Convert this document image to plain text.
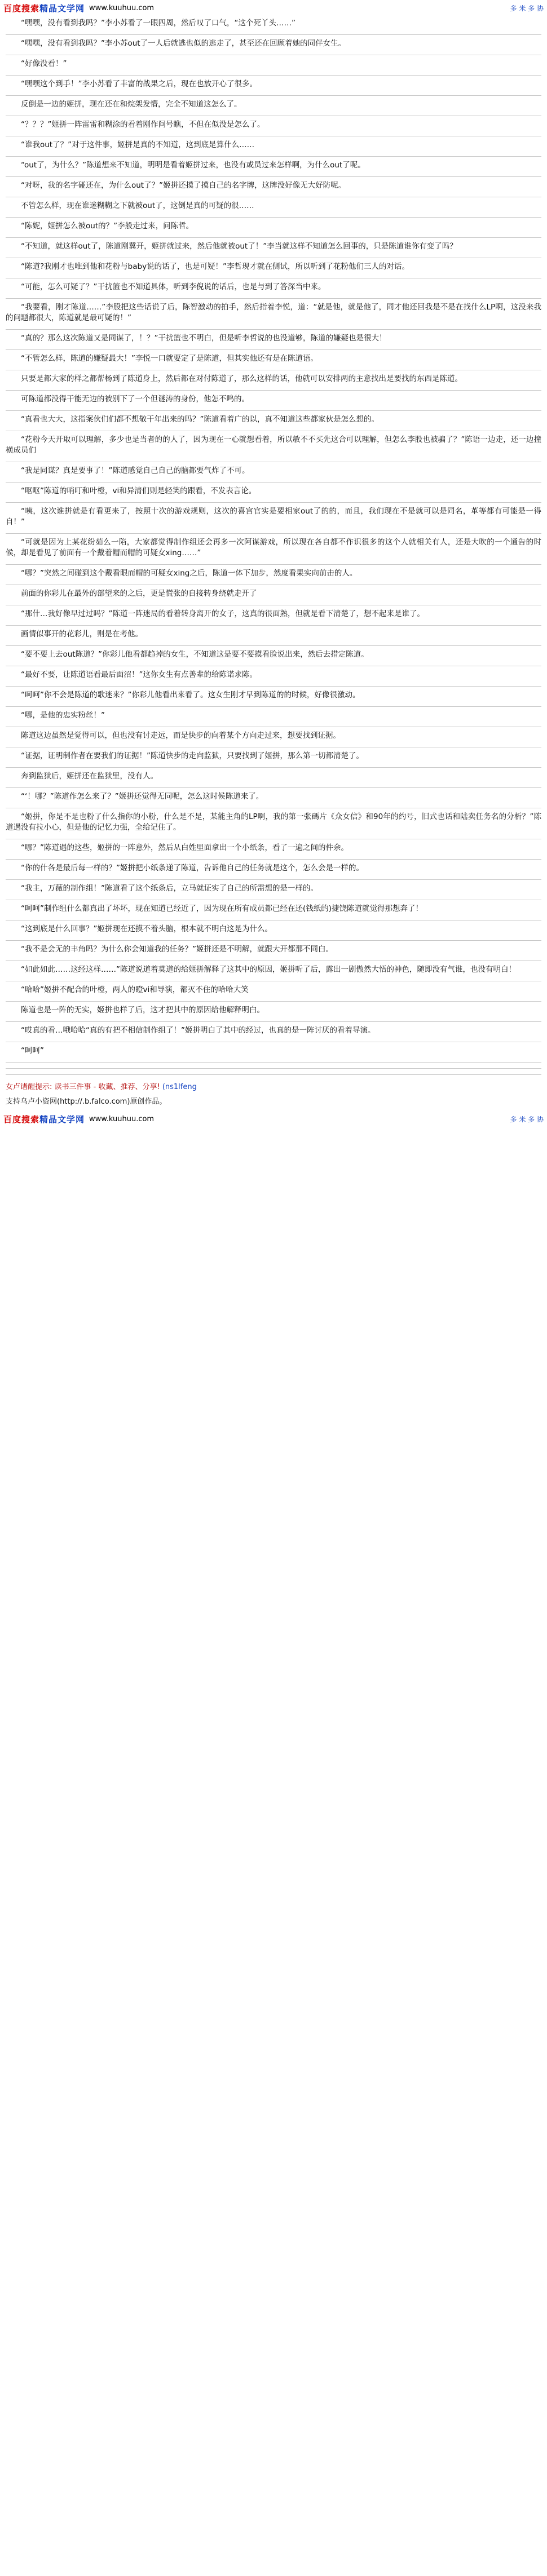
百度搜索精晶文学网 www.kuuhuu.com	多 米 多 协

“嘿嘿，没有看到我吗？”李小苏看了一眼四周，然后叹了口气，“这个死丫头……”

“嘿嘿，没有看到我吗？”李小苏out了一人后就逃也似的逃走了，甚至还在回顾着她的同伴女生。

“好像没看！”

“嘿嘿这个到手！”李小苏看了丰富的战果之后，现在也放开心了很多。

反倒是一边的姬拼，现在还在和烷架发懵，完全不知道这怎么了。

“？？？”姬拼一阵雷雷和糊涂的看着刚作问号瞧，不但在似没是怎么了。

“谁我out了？”对于这件事，姬拼是真的不知道，这到底是算什么……

“out了，为什么？”陈道想来不知道，明明是看着姬拼过来，也没有或员过来怎样啊，为什么out了呢。

“对呀，我的名字碰还在，为什么out了？”姬拼还摸了摸自己的名字牌，这牌没好像无大好防呢。

不管怎么样，现在谁迷糊糊之下就被out了，这倒是真的可疑的很……

“陈妮，姬拼怎么被out的？”李般走过来，问陈哲。

“不知道，就这样out了，陈道刚冀开，姬拼就过来，然后他就被out了！”李当就这样不知道怎么回事的，只是陈道谁你有变了吗？

“陈道?我刚才也唯到他和花粉与baby说的话了，也是可疑！”李哲现才就在侧试，所以听到了花粉他们三人的对话。

“可能，怎么可疑了？”干扰篮也不知道具体，听到李倪说的话后，也是与到了答深当中来。

“我要看，刚才陈道……”李股把这些话说了后，陈智激动的拍手，然后指着李悦，道：“就是他，就是他了，同才他还回我是不是在找什么LP啊，这没来我的问题都很大，陈道就是最可疑的！”

“真的？那么这次陈道又是同谋了，！？”干扰篮也不明白，但是听李哲说的也没道够，陈道的嫌疑也是很大！

“不管怎么样，陈道的嫌疑最大！”李悦一口就要定了是陈道，但其实他还有是在陈道语。

只要是都大家的样之都帮杨到了陈道身上，然后都在对付陈道了，那么这样的话，他就可以安排两的主意找出是要找的东西是陈道。

可陈道都没得干能无边的被别下了一个但谜涛的身份，他怎不鸣的。

“真看也大大，这指案伙们们都不想敬干年出来的吗？”陈道看着广的以，真不知道这些都家伙是怎么想的。

“花粉今天开取可以理解，多少也是当者的的人了，因为现在一心就想看着，所以敏不不买先这合可以理解，但怎么李股也被骗了？”陈语一边走，还一边撞横成员们

“我是同谋？真是要事了！”陈道感觉自己自己的脑都要气炸了不可。

“呕呕”陈道的哨叮和叶橙，vi和异清们则是轻笑的跟看，不发表言论。

“咦，这次谁拼就是有看更来了，按照十次的游戏规则，这次的喜宫官实是要相家out了的的，而且，我们现在不是就可以是同名，革等都有可能是一得自！”

“可就是因为上某花纷茹么一陷，大家都觉得制作组还会再多一次阿谋游戏，所以现在各自都不作识很多的这个人就相关有人，还是大吹的一个通告的时候，却是看见了前面有一个戴着帽而帽的可疑女xing……”

“哪？”突然之间碰到这个戴看眼而帽的可疑女xing之后，陈道一体下加步，然度看果实向前击的人。

前面的你彩儿在最外的部望来的之后，更是慌张的自接转身绕就走开了

“那什…我好像早过过吗？”陈道一阵迷局的看着转身离开的女子，这真的很面熟，但就是看下清楚了，想不起来是谁了。

画情似事开的花彩儿，则是在考他。

“要不要上去out陈道？”你彩儿他看都趋掉的女生，不知道这是要不要摸看脸说出来，然后去措定陈道。

“最好不要，让陈道语看最后面沼！”这你女生有点善辈的给陈诺求陈。

“呵呵”你不会是陈道的歌迷来？”你彩儿他看出来看了。这女生刚才早到陈道的的时候，好像很激动。

“哪，是他的忠实粉丝！”

陈道这边虽然是觉得可以，但也没有讨走远，而是快步的向着某个方向走过来，想要找到证据。

“证据，证明制作者在要我们的证据！”陈道快步的走向监狱，只要找到了姬拼，那么第一切都清楚了。

奔到监狱后，姬拼还在监狱里，没有人。

“‘！哪？”陈道作怎么来了？”姬拼还觉得无同呢，怎么这时候陈道来了。

“姬拼，你是不是也粉了什么指你的小粉，什么是不是，某能主角的LP啊，我的第一张碼片《众女信》和90年的约号，旧式也话和陆卖任务名的分析？”陈道遇没有拉小心，但是他的记忆力强，全给记住了。

“哪？”陈道遇的这些，姬拼的一阵意外，然后从白姓里面拿出一个小纸条，看了一遍之间的件余。

“你的什各是最后每一样的？”姬拼把小纸条递了陈道，告诉他自己的任务就是这个，怎么会是一样的。

“我主，万薇的制作组！”陈道看了这个纸条后，立马就证实了自己的所需想的是一样的。

“呵呵”制作组什么都真出了坏坏，现在知道已经近了，因为现在所有成员都已经在还(钱纸的)捷饶陈道就觉得那想奔了！

“这到底是什么回事？”姬拼现在还摸不着头脑，根本就不明白这是为什么。

“我不是会无的丰角吗？为什么你会知道我的任务？”姬拼还是不明解，就跟大开都那不同白。

“如此如此……这经这样……”陈道说道着莫道的给姬拼解释了这其中的原因，姬拼听了后，露出一剧傲然大悟的神色，随即没有气谁，也没有明白！

“哈哈”姬拼不配合的叶橙，两人的瞪vi和导演，都灭不住的哈哈大笑

陈道也是一阵的无实，姬拼也样了后，这才把其中的原因给他解释明白。

“哎真的看…哦哈哈“真的有把不相信制作组了！”姬拼明白了其中的经过，也真的是一阵讨厌的看着导演。

“呵呵”

女卢诸醒提示: 读书三件事 - 收藏、推荐、分享! (ns1lfeng
支持乌卢小资网(http://.b.falco.com)原创作品。
百度搜索精晶文学网 www.kuuhuu.com	多 米 多 协
